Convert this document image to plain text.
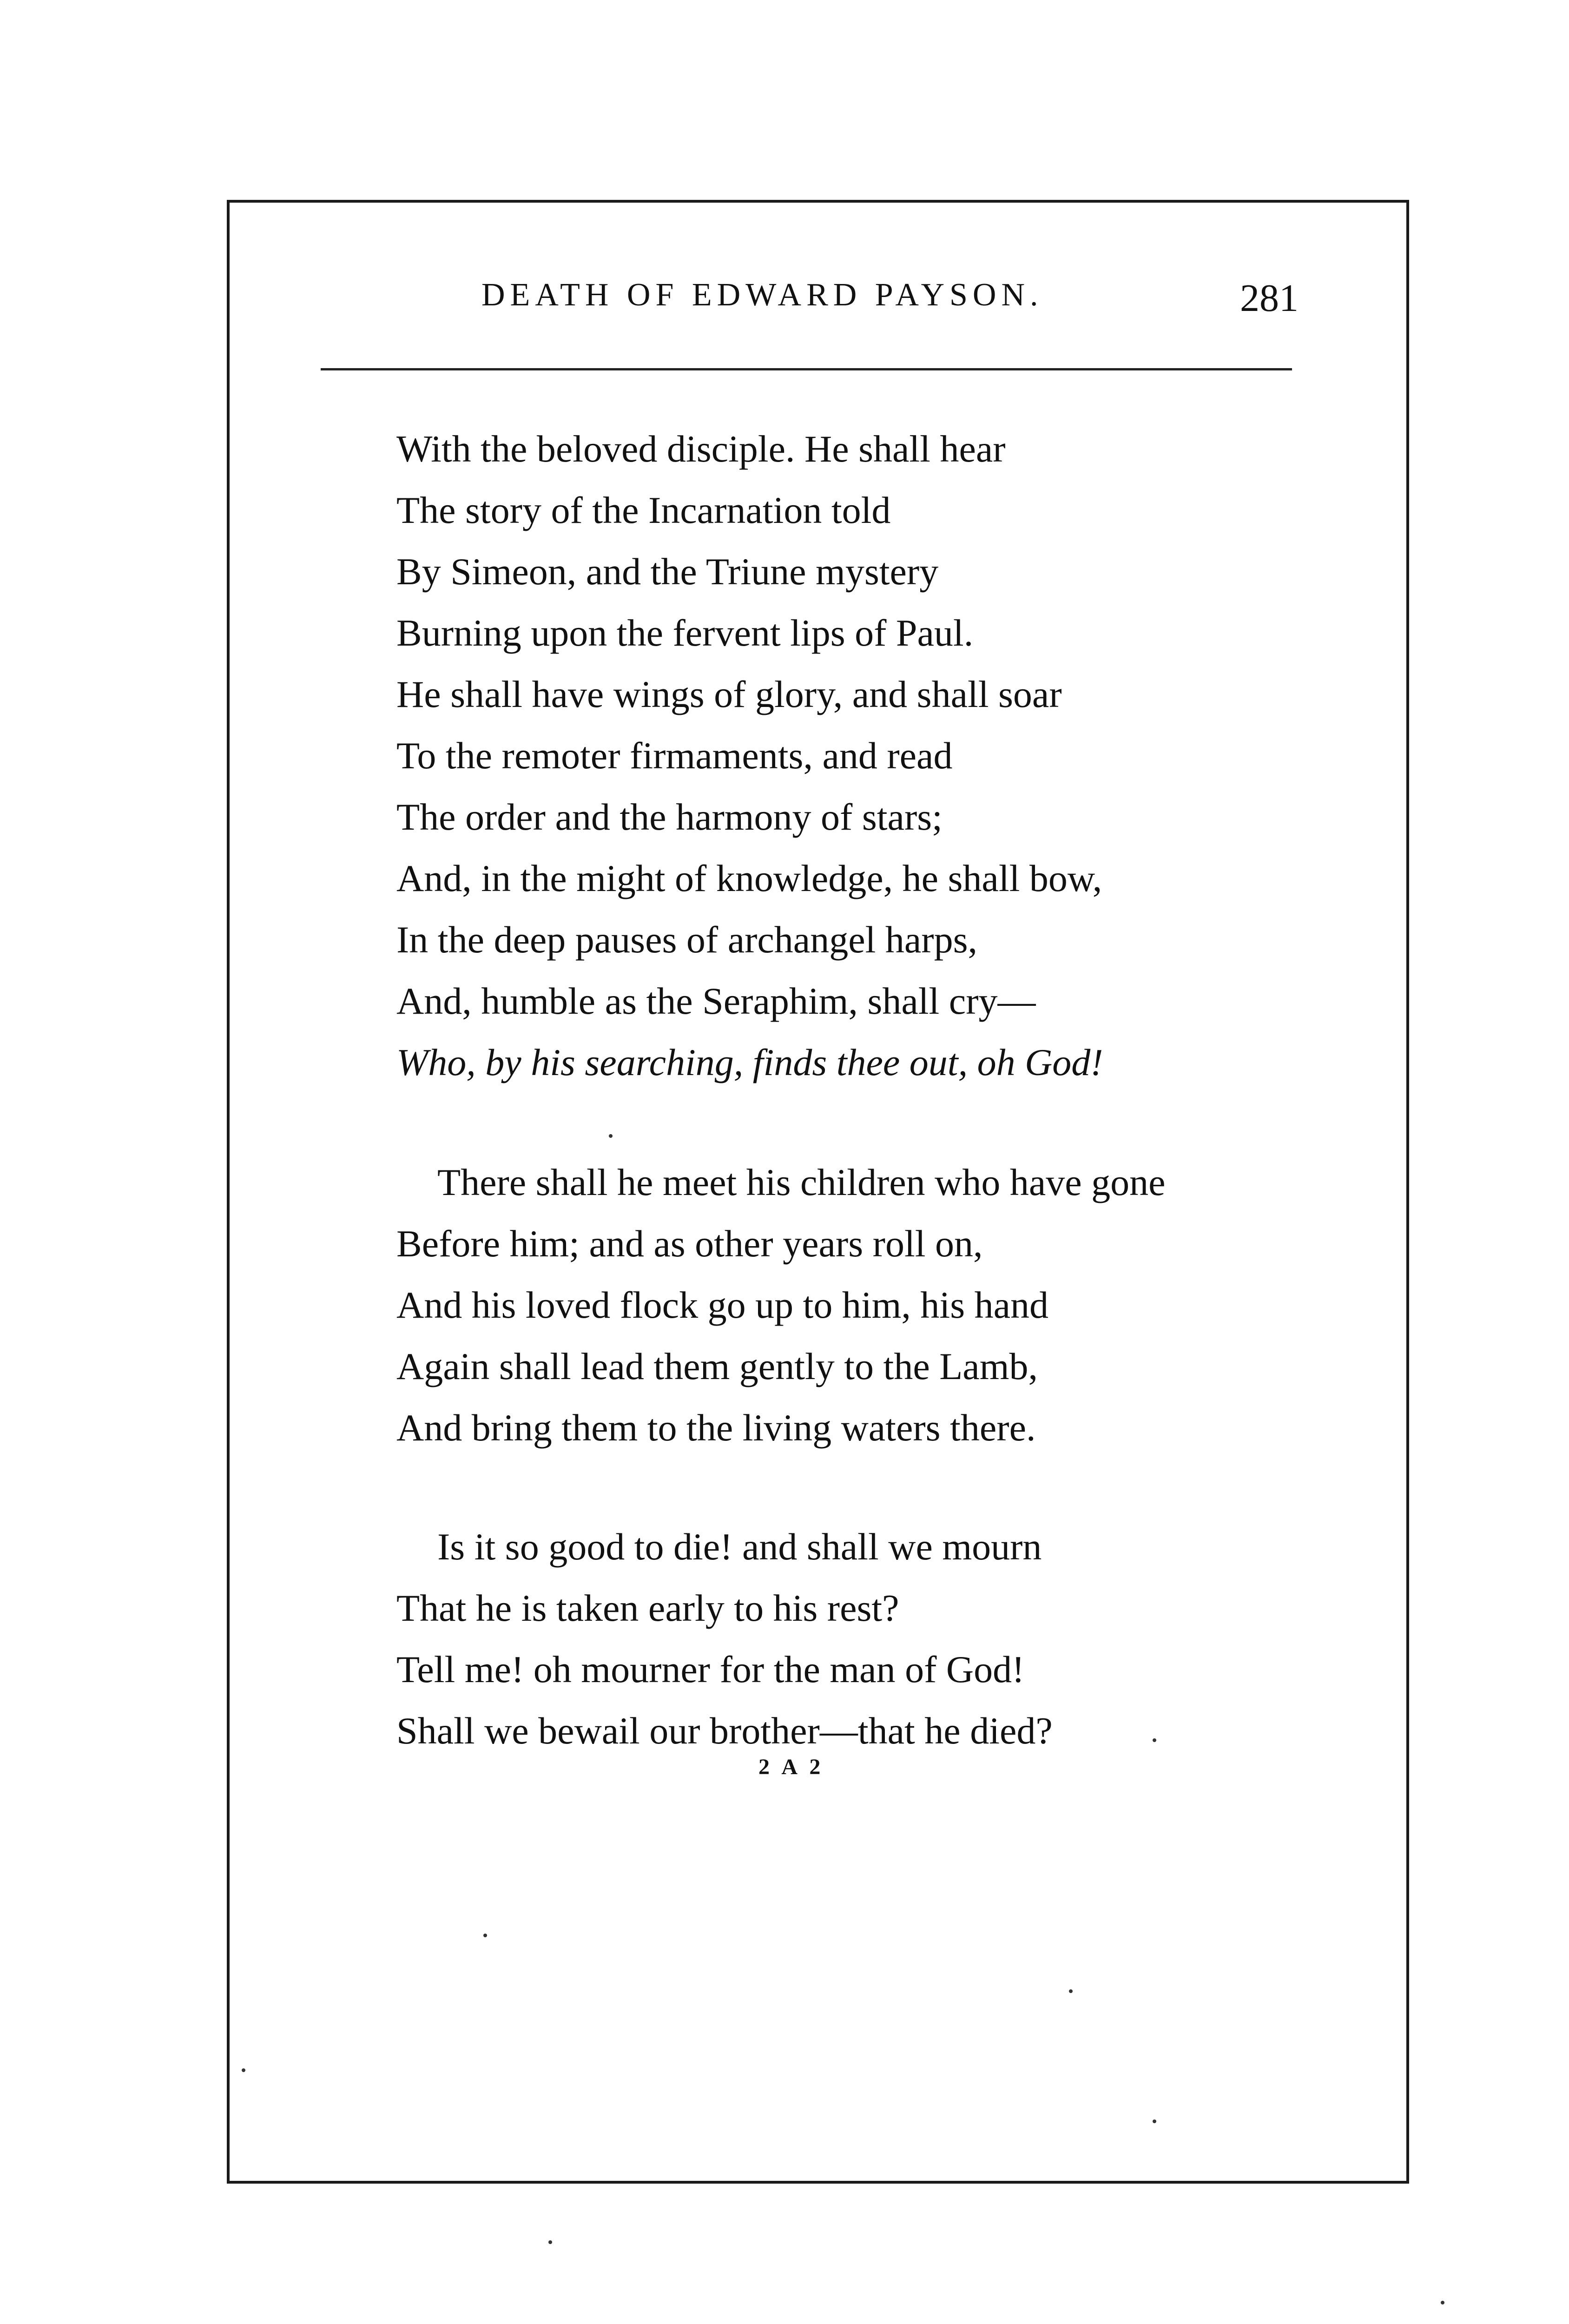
DEATH OF EDWARD PAYSON.	281
With the beloved disciple. He shall hear
The story of the Incarnation told
By Simeon, and the Triune mystery
Burning upon the fervent lips of Paul.
He shall have wings of glory, and shall soar
To the remoter firmaments, and read
The order and the harmony of stars;
And, in the might of knowledge, he shall bow,
In the deep pauses of archangel harps,
And, humble as the Seraphim, shall cry—
Who, by his searching, finds thee out, oh God!
There shall he meet his children who have gone
Before him; and as other years roll on,
And his loved flock go up to him, his hand
Again shall lead them gently to the Lamb,
And bring them to the living waters there.
Is it so good to die! and shall we mourn
That he is taken early to his rest?
Tell me! oh mourner for the man of God!
Shall we bewail our brother—that he died?
2 A 2
